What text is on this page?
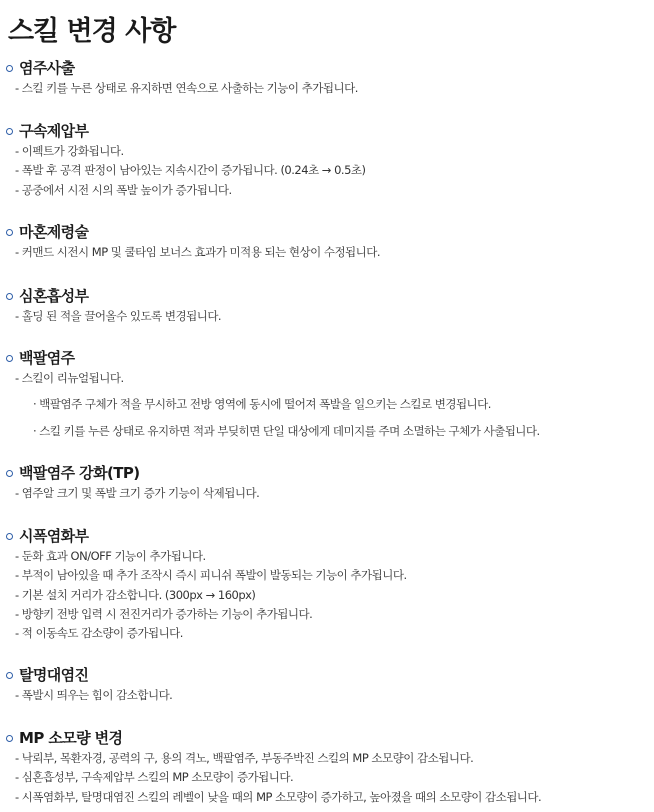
스킬 변경 사항
염주사출
- 스킬 키를 누른 상태로 유지하면 연속으로 사출하는 기능이 추가됩니다.
구속제압부
- 이펙트가 강화됩니다.
- 폭발 후 공격 판정이 남아있는 지속시간이 증가됩니다. (0.24초 → 0.5초)
- 공중에서 시전 시의 폭발 높이가 증가됩니다.
마혼제령술
- 커맨드 시전시 MP 및 쿨타임 보너스 효과가 미적용 되는 현상이 수정됩니다.
심혼흡성부
- 홀딩 된 적을 끌어올수 있도록 변경됩니다.
백팔염주
- 스킬이 리뉴얼됩니다.
· 백팔염주 구체가 적을 무시하고 전방 영역에 동시에 떨어져 폭발을 일으키는 스킬로 변경됩니다.
· 스킬 키를 누른 상태로 유지하면 적과 부딪히면 단일 대상에게 데미지를 주며 소멸하는 구체가 사출됩니다.
백팔염주 강화(TP)
- 염주알 크기 및 폭발 크기 증가 기능이 삭제됩니다.
시폭염화부
- 둔화 효과 ON/OFF 기능이 추가됩니다.
- 부적이 남아있을 때 추가 조작시 즉시 피니쉬 폭발이 발동되는 기능이 추가됩니다.
- 기본 설치 거리가 감소합니다. (300px → 160px)
- 방향키 전방 입력 시 전진거리가 증가하는 기능이 추가됩니다.
- 적 이동속도 감소량이 증가됩니다.
탈명대염진
- 폭발시 띄우는 힘이 감소합니다.
MP 소모량 변경
- 낙뢰부, 목환자경, 공력의 구, 용의 격노, 백팔염주, 부동주박진 스킬의 MP 소모량이 감소됩니다.
- 심혼흡성부, 구속제압부 스킬의 MP 소모량이 증가됩니다.
- 시폭염화부, 탈명대염진 스킬의 레벨이 낮을 때의 MP 소모량이 증가하고, 높아졌을 때의 소모량이 감소됩니다.
